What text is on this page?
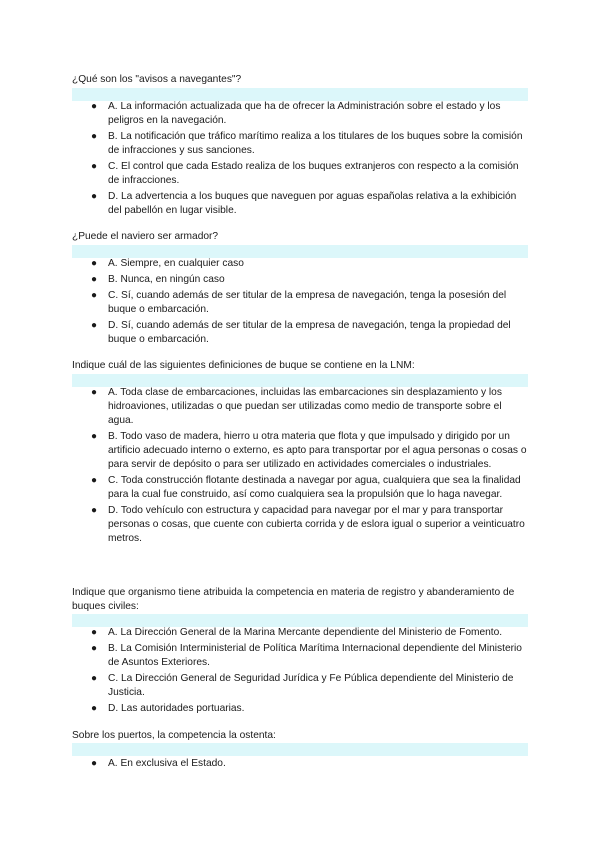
¿Qué son los "avisos a navegantes"?

● A. La información actualizada que ha de ofrecer la Administración sobre el estado y los peligros en la navegación.
● B. La notificación que tráfico marítimo realiza a los titulares de los buques sobre la comisión de infracciones y sus sanciones.
● C. El control que cada Estado realiza de los buques extranjeros con respecto a la comisión de infracciones.
● D. La advertencia a los buques que naveguen por aguas españolas relativa a la exhibición del pabellón en lugar visible.

¿Puede el naviero ser armador?

● A. Siempre, en cualquier caso
● B. Nunca, en ningún caso
● C. Sí, cuando además de ser titular de la empresa de navegación, tenga la posesión del buque o embarcación.
● D. Sí, cuando además de ser titular de la empresa de navegación, tenga la propiedad del buque o embarcación.

Indique cuál de las siguientes definiciones de buque se contiene en la LNM:

● A. Toda clase de embarcaciones, incluidas las embarcaciones sin desplazamiento y los hidroaviones, utilizadas o que puedan ser utilizadas como medio de transporte sobre el agua.
● B. Todo vaso de madera, hierro u otra materia que flota y que impulsado y dirigido por un artificio adecuado interno o externo, es apto para transportar por el agua personas o cosas o para servir de depósito o para ser utilizado en actividades comerciales o industriales.
● C. Toda construcción flotante destinada a navegar por agua, cualquiera que sea la finalidad para la cual fue construido, así como cualquiera sea la propulsión que lo haga navegar.
● D. Todo vehículo con estructura y capacidad para navegar por el mar y para transportar personas o cosas, que cuente con cubierta corrida y de eslora igual o superior a veinticuatro metros.

Indique que organismo tiene atribuida la competencia en materia de registro y abanderamiento de buques civiles:

● A. La Dirección General de la Marina Mercante dependiente del Ministerio de Fomento.
● B. La Comisión Interministerial de Política Marítima Internacional dependiente del Ministerio de Asuntos Exteriores.
● C. La Dirección General de Seguridad Jurídica y Fe Pública dependiente del Ministerio de Justicia.
● D. Las autoridades portuarias.

Sobre los puertos, la competencia la ostenta:

● A. En exclusiva el Estado.
